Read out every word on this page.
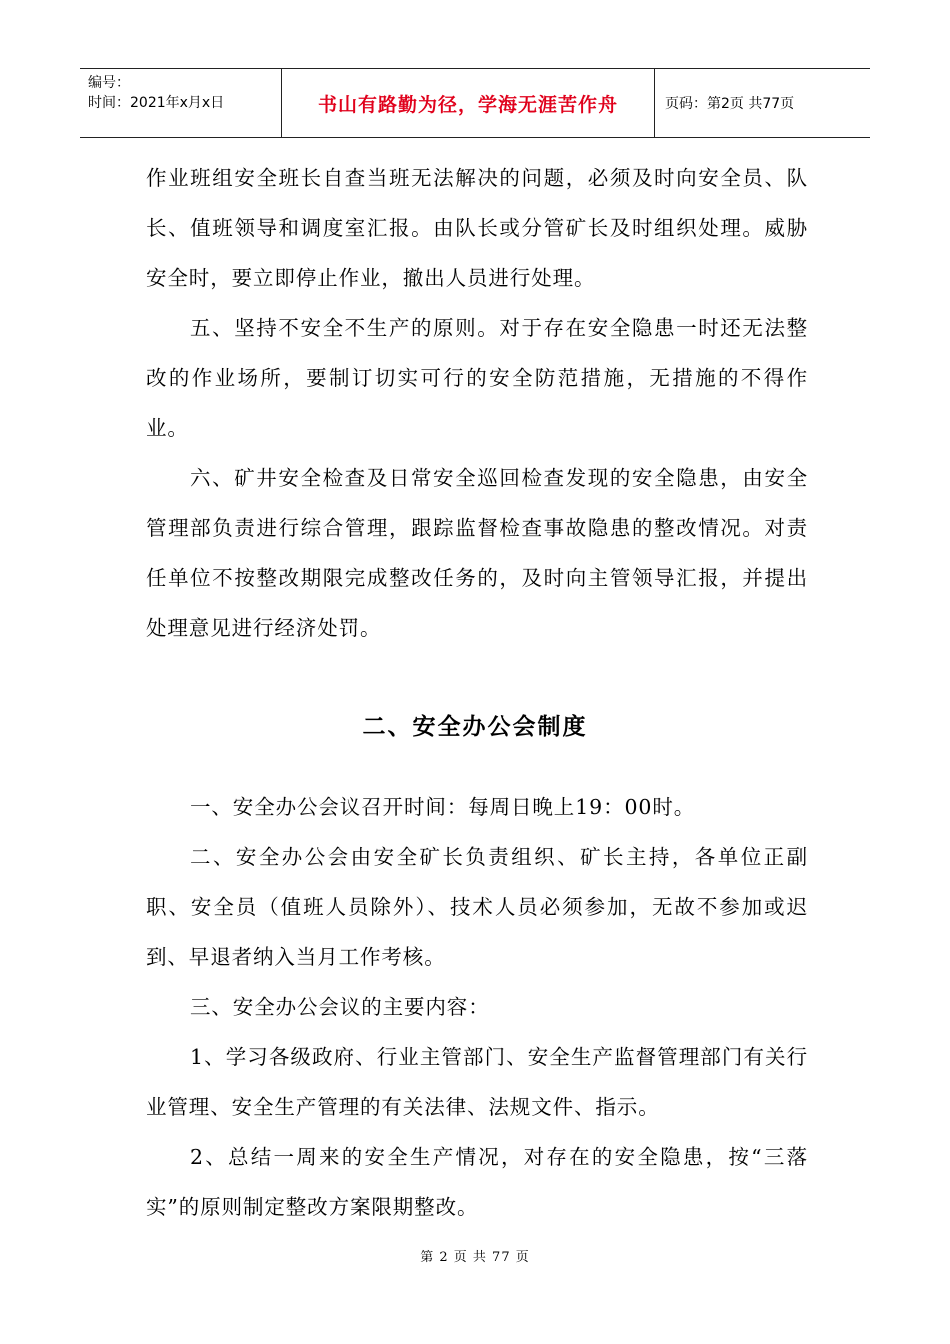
编号：
时间：2021年x月x日	书山有路勤为径，学海无涯苦作舟	页码：第2页 共77页

作业班组安全班长自查当班无法解决的问题，必须及时向安全员、队长、值班领导和调度室汇报。由队长或分管矿长及时组织处理。威胁安全时，要立即停止作业，撤出人员进行处理。

五、坚持不安全不生产的原则。对于存在安全隐患一时还无法整改的作业场所，要制订切实可行的安全防范措施，无措施的不得作业。

六、矿井安全检查及日常安全巡回检查发现的安全隐患，由安全管理部负责进行综合管理，跟踪监督检查事故隐患的整改情况。对责任单位不按整改期限完成整改任务的，及时向主管领导汇报，并提出处理意见进行经济处罚。

二、安全办公会制度

一、安全办公会议召开时间：每周日晚上19：00时。

二、安全办公会由安全矿长负责组织、矿长主持，各单位正副职、安全员（值班人员除外）、技术人员必须参加，无故不参加或迟到、早退者纳入当月工作考核。

三、安全办公会议的主要内容：

1、学习各级政府、行业主管部门、安全生产监督管理部门有关行业管理、安全生产管理的有关法律、法规文件、指示。

2、总结一周来的安全生产情况，对存在的安全隐患，按“三落实”的原则制定整改方案限期整改。

第 2 页 共 77 页
